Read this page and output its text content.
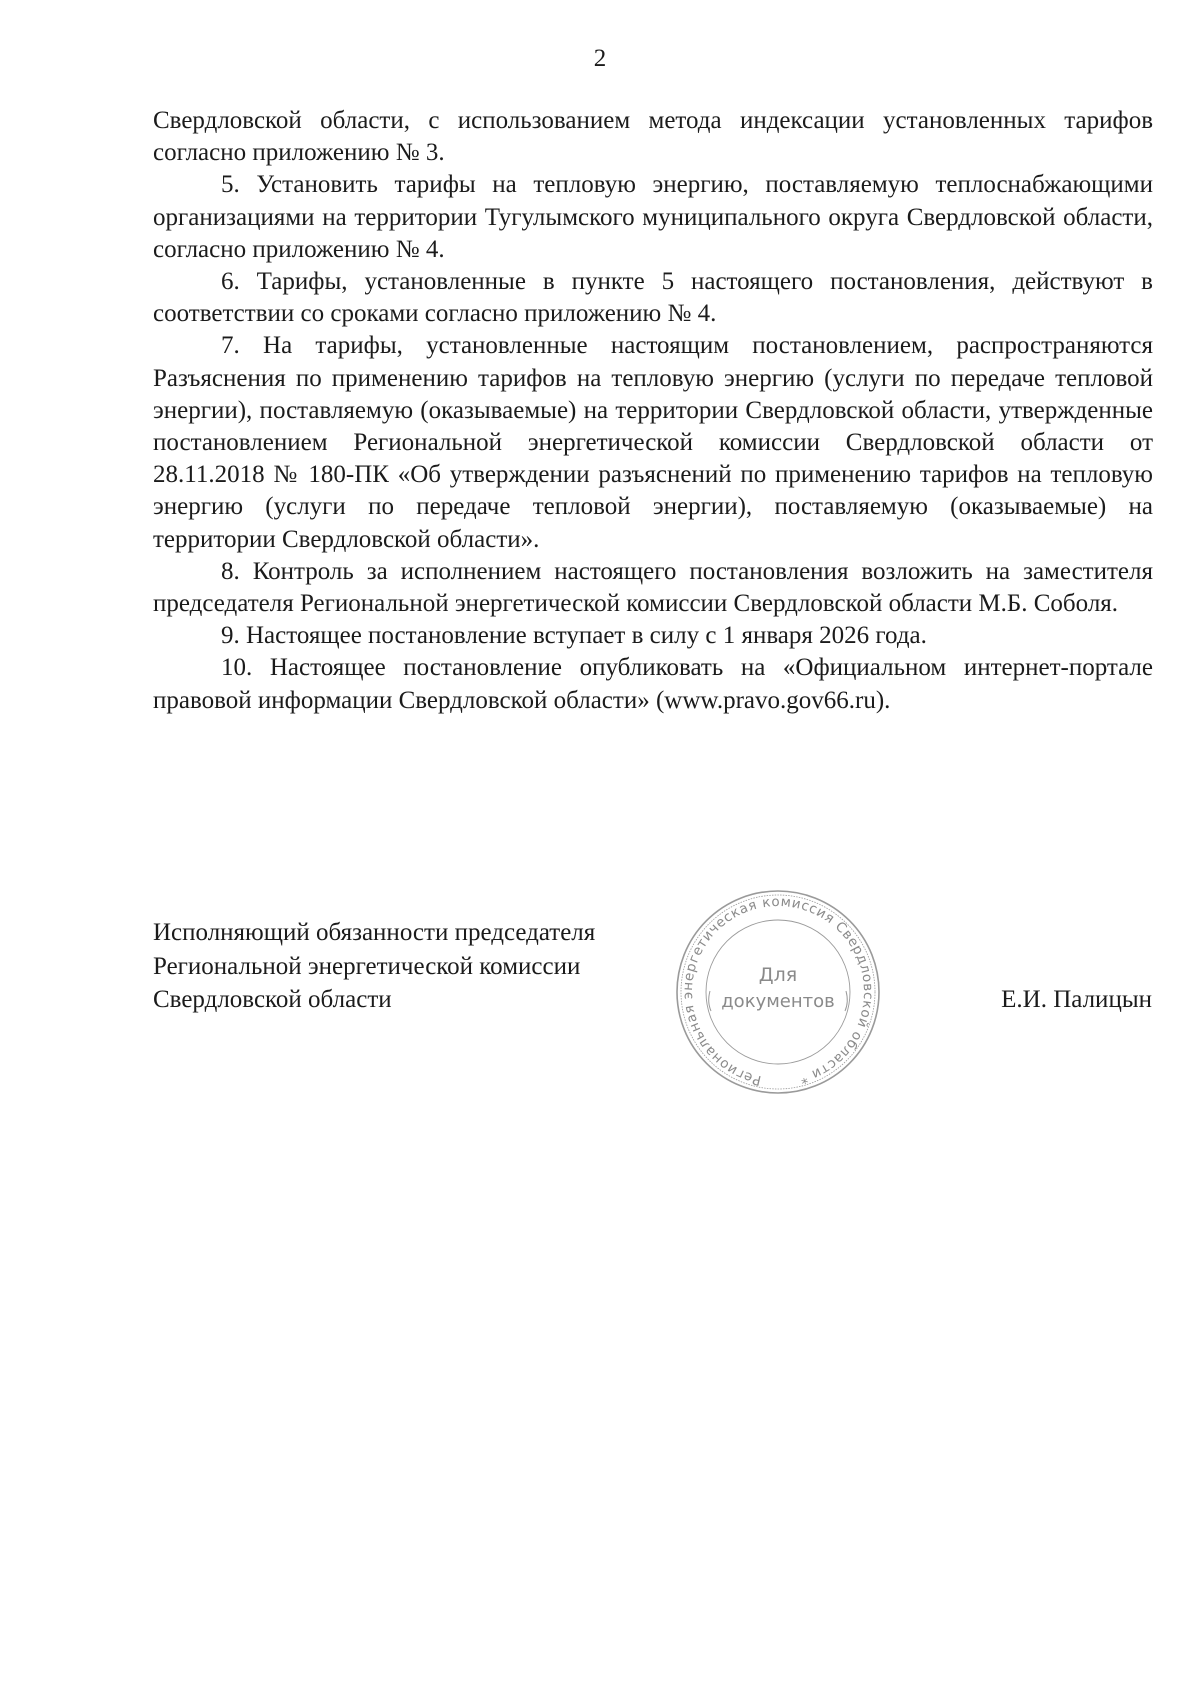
2

Свердловской области, с использованием метода индексации установленных тарифов согласно приложению № 3.

5. Установить тарифы на тепловую энергию, поставляемую теплоснабжающими организациями на территории Тугулымского муниципального округа Свердловской области, согласно приложению № 4.

6. Тарифы, установленные в пункте 5 настоящего постановления, действуют в соответствии со сроками согласно приложению № 4.

7. На тарифы, установленные настоящим постановлением, распространяются Разъяснения по применению тарифов на тепловую энергию (услуги по передаче тепловой энергии), поставляемую (оказываемые) на территории Свердловской области, утвержденные постановлением Региональной энергетической комиссии Свердловской области от 28.11.2018 № 180-ПК «Об утверждении разъяснений по применению тарифов на тепловую энергию (услуги по передаче тепловой энергии), поставляемую (оказываемые) на территории Свердловской области».

8. Контроль за исполнением настоящего постановления возложить на заместителя председателя Региональной энергетической комиссии Свердловской области М.Б. Соболя.

9. Настоящее постановление вступает в силу с 1 января 2026 года.

10. Настоящее постановление опубликовать на «Официальном интернет-портале правовой информации Свердловской области» (www.pravo.gov66.ru).

Исполняющий обязанности председателя
Региональной энергетической комиссии
Свердловской области
Региональная энергетическая комиссия Свердловской области *
Для
документов	Е.И. Палицын
